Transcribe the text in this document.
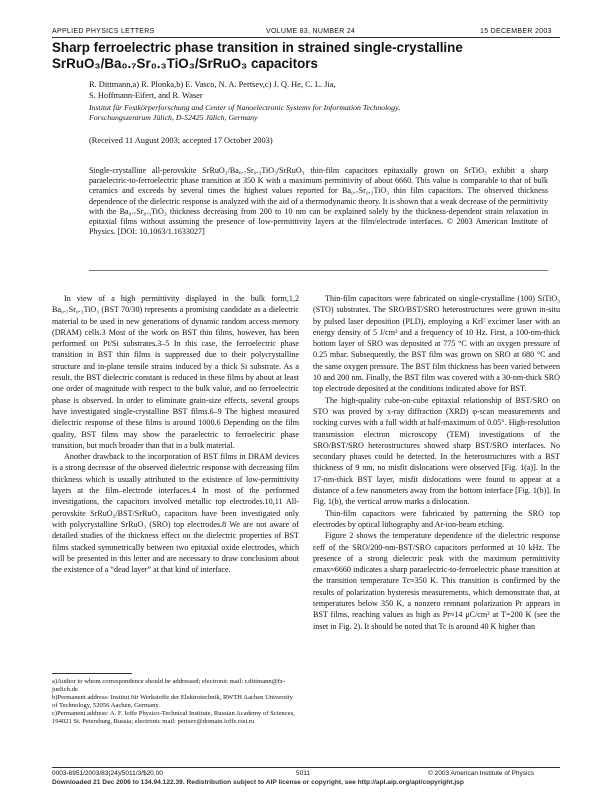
APPLIED PHYSICS LETTERS	VOLUME 83, NUMBER 24	15 DECEMBER 2003
Sharp ferroelectric phase transition in strained single-crystalline
SrRuO₃/Ba₀.₇Sr₀.₃TiO₃/SrRuO₃ capacitors
R. Dittmann,a) R. Plonka,b) E. Vasco, N. A. Pertsev,c) J. Q. He, C. L. Jia,
S. Hoffmann-Eifert, and R. Waser
Institut für Festkörperforschung and Center of Nanoelectronic Systems for Information Technology,
Forschungszentrum Jülich, D-52425 Jülich, Germany
(Received 11 August 2003; accepted 17 October 2003)
Single-crystalline all-perovskite SrRuO₃/Ba₀.₇Sr₀.₃TiO₃/SrRuO₃ thin-film capacitors epitaxially grown on SrTiO₃ exhibit a sharp paraelectric-to-ferroelectric phase transition at 350 K with a maximum permittivity of about 6660. This value is comparable to that of bulk ceramics and exceeds by several times the highest values reported for Ba₀.₇Sr₀.₃TiO₃ thin film capacitors. The observed thickness dependence of the dielectric response is analyzed with the aid of a thermodynamic theory. It is shown that a weak decrease of the permittivity with the Ba₀.₇Sr₀.₃TiO₃ thickness decreasing from 200 to 10 nm can be explained solely by the thickness-dependent strain relaxation in epitaxial films without assuming the presence of low-permittivity layers at the film/electrode interfaces. © 2003 American Institute of Physics. [DOI: 10.1063/1.1633027]

In view of a high permittivity displayed in the bulk form,1,2 Ba₀.₇Sr₀.₃TiO₃ (BST 70/30) represents a promising candidate as a dielectric material to be used in new generations of dynamic random access memory (DRAM) cells.3 Most of the work on BST thin films, however, has been performed on Pt/Si substrates.3–5 In this case, the ferroelectric phase transition in BST thin films is suppressed due to their polycrystalline structure and in-plane tensile strains induced by a thick Si substrate. As a result, the BST dielectric constant is reduced in these films by about at least one order of magnitude with respect to the bulk value, and no ferroelectric phase is observed. In order to eliminate grain-size effects, several groups have investigated single-crystalline BST films.6–9 The highest measured dielectric response of these films is around 1000.6 Depending on the film quality, BST films may show the paraelectric to ferroelectric phase transition, but much broader than that in a bulk material.

Another drawback to the incorporation of BST films in DRAM devices is a strong decrease of the observed dielectric response with decreasing film thickness which is usually attributed to the existence of low-permittivity layers at the film–electrode interfaces.4 In most of the performed investigations, the capacitors involved metallic top electrodes.10,11 All-perovskite SrRuO₃/BST/SrRuO₃ capacitors have been investigated only with polycrystalline SrRuO₃ (SRO) top electrodes.8 We are not aware of detailed studies of the thickness effect on the dielectric properties of BST films stacked symmetrically between two epitaxial oxide electrodes, which will be presented in this letter and are necessary to draw conclusions about the existence of a “dead layer” at that kind of interface.

a)Author to whom correspondence should be addressed; electronic mail: r.dittmann@fz-juelich.de

b)Permanent address: Institut für Werkstoffe der Elektrotechnik, RWTH Aachen University of Technology, 52056 Aachen, Germany.

c)Permanent address: A. F. Ioffe Physico-Technical Institute, Russian Academy of Sciences, 194021 St. Petersburg, Russia; electronic mail: pertsev@domain.ioffe.rssi.ru

Thin-film capacitors were fabricated on single-crystalline (100) SiTiO₃ (STO) substrates. The SRO/BST/SRO heterostructures were grown in-situ by pulsed laser deposition (PLD), employing a KrF excimer laser with an energy density of 5 J/cm² and a frequency of 10 Hz. First, a 100-nm-thick bottom layer of SRO was deposited at 775 °C with an oxygen pressure of 0.25 mbar. Subsequently, the BST film was grown on SRO at 680 °C and the same oxygen pressure. The BST film thickness has been varied between 10 and 200 nm. Finally, the BST film was covered with a 30-nm-thick SRO top electrode deposited at the conditions indicated above for BST.

The high-quality cube-on-cube epitaxial relationship of BST/SRO on STO was proved by x-ray diffraction (XRD) φ-scan measurements and rocking curves with a full width at half-maximum of 0.05°. High-resolution transmission electron microscopy (TEM) investigations of the SRO/BST/SRO heterostructures showed sharp BST/SRO interfaces. No secondary phases could be detected. In the heterostructures with a BST thickness of 9 nm, no misfit dislocations were observed [Fig. 1(a)]. In the 17-nm-thick BST layer, misfit dislocations were found to appear at a distance of a few nanometers away from the bottom interface [Fig. 1(b)]. In Fig. 1(b), the vertical arrow marks a dislocation.

Thin-film capacitors were fabricated by patterning the SRO top electrodes by optical lithography and Ar-ion-beam etching.

Figure 2 shows the temperature dependence of the dielectric response εeff of the SRO/200-nm-BST/SRO capacitors performed at 10 kHz. The presence of a strong dielectric peak with the maximum permittivity εmax≈6660 indicates a sharp paraelectric-to-ferroelectric phase transition at the transition temperature Tc≈350 K. This transition is confirmed by the results of polarization hysteresis measurements, which demonstrate that, at temperatures below 350 K, a nonzero remnant polarization Pr appears in BST films, reaching values as high as Pr≈14 μC/cm² at T=200 K (see the inset in Fig. 2). It should be noted that Tc is around 40 K higher than

0003-6951/2003/83(24)/5011/3/$20.00	5011	© 2003 American Institute of Physics
Downloaded 21 Dec 2006 to 134.94.122.39. Redistribution subject to AIP license or copyright, see http://apl.aip.org/apl/copyright.jsp
